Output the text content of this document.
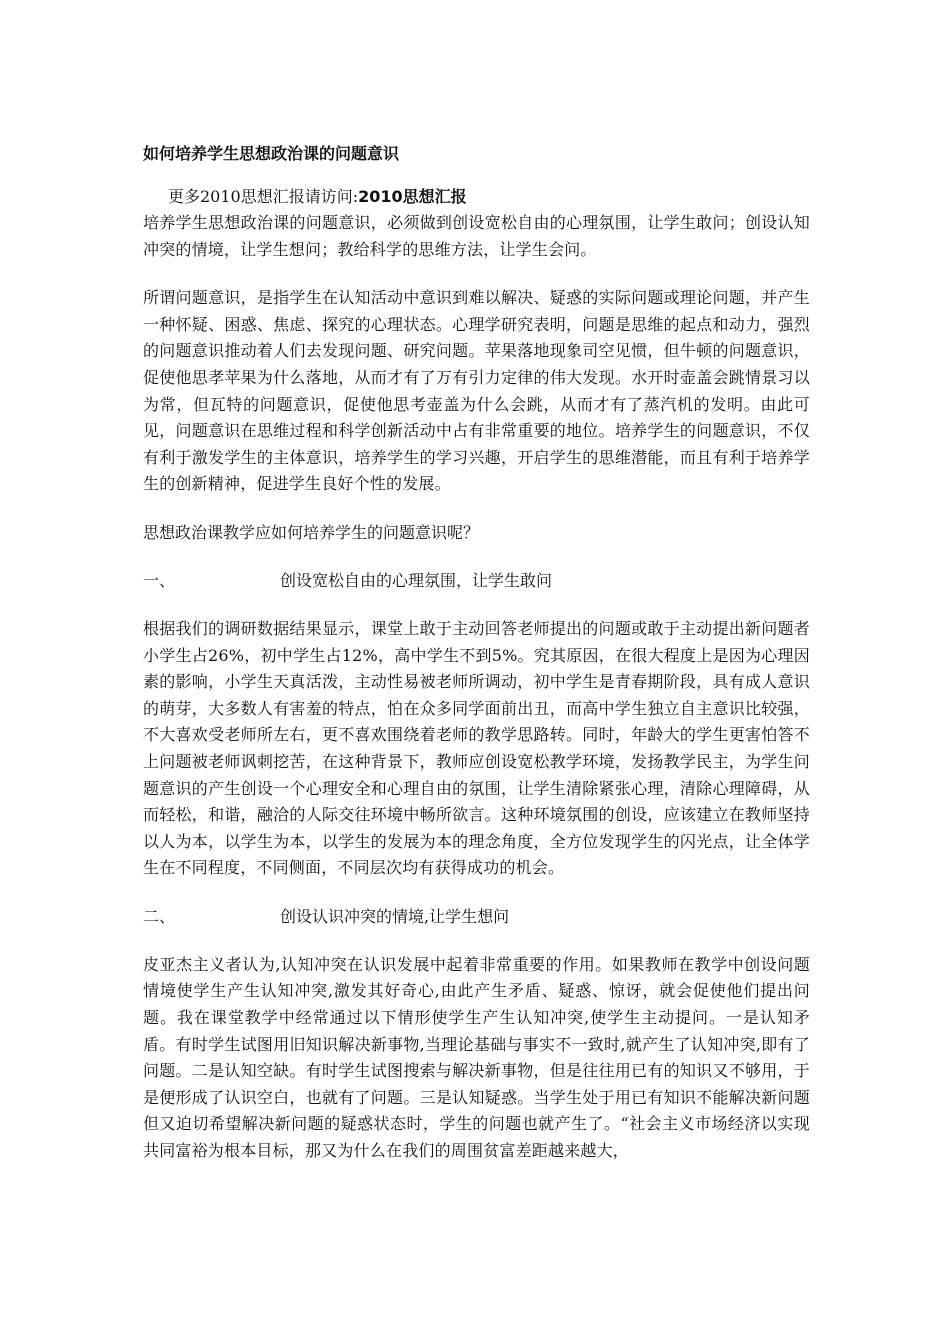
如何培养学生思想政治课的问题意识

更多2010思想汇报请访问:2010思想汇报

培养学生思想政治课的问题意识，必须做到创设宽松自由的心理氛围，让学生敢问；创设认知冲突的情境，让学生想问；教给科学的思维方法，让学生会问。

所谓问题意识，是指学生在认知活动中意识到难以解决、疑惑的实际问题或理论问题，并产生一种怀疑、困惑、焦虑、探究的心理状态。心理学研究表明，问题是思维的起点和动力，强烈的问题意识推动着人们去发现问题、研究问题。苹果落地现象司空见惯，但牛顿的问题意识，促使他思孝苹果为什么落地，从而才有了万有引力定律的伟大发现。水开时壶盖会跳情景习以为常，但瓦特的问题意识，促使他思考壶盖为什么会跳，从而才有了蒸汽机的发明。由此可见，问题意识在思维过程和科学创新活动中占有非常重要的地位。培养学生的问题意识，不仅有利于激发学生的主体意识，培养学生的学习兴趣，开启学生的思维潜能，而且有利于培养学生的创新精神，促进学生良好个性的发展。

思想政治课教学应如何培养学生的问题意识呢？

一、	创设宽松自由的心理氛围，让学生敢问

根据我们的调研数据结果显示，课堂上敢于主动回答老师提出的问题或敢于主动提出新问题者小学生占26%，初中学生占12%，高中学生不到5%。究其原因，在很大程度上是因为心理因素的影响，小学生天真活泼，主动性易被老师所调动，初中学生是青春期阶段，具有成人意识的萌芽，大多数人有害羞的特点，怕在众多同学面前出丑，而高中学生独立自主意识比较强，不大喜欢受老师所左右，更不喜欢围绕着老师的教学思路转。同时，年龄大的学生更害怕答不上问题被老师讽刺挖苦，在这种背景下，教师应创设宽松教学环境，发扬教学民主，为学生问题意识的产生创设一个心理安全和心理自由的氛围，让学生清除紧张心理，清除心理障碍，从而轻松，和谐，融洽的人际交往环境中畅所欲言。这种环境氛围的创设，应该建立在教师坚持以人为本，以学生为本，以学生的发展为本的理念角度，全方位发现学生的闪光点，让全体学生在不同程度，不同侧面，不同层次均有获得成功的机会。

二、	创设认识冲突的情境,让学生想问

皮亚杰主义者认为,认知冲突在认识发展中起着非常重要的作用。如果教师在教学中创设问题情境使学生产生认知冲突,激发其好奇心,由此产生矛盾、疑惑、惊讶，就会促使他们提出问题。我在课堂教学中经常通过以下情形使学生产生认知冲突,使学生主动提问。一是认知矛盾。有时学生试图用旧知识解决新事物,当理论基础与事实不一致时,就产生了认知冲突,即有了问题。二是认知空缺。有时学生试图搜索与解决新事物，但是往往用已有的知识又不够用，于是便形成了认识空白，也就有了问题。三是认知疑惑。当学生处于用已有知识不能解决新问题但又迫切希望解决新问题的疑惑状态时，学生的问题也就产生了。“社会主义市场经济以实现共同富裕为根本目标，那又为什么在我们的周围贫富差距越来越大，
